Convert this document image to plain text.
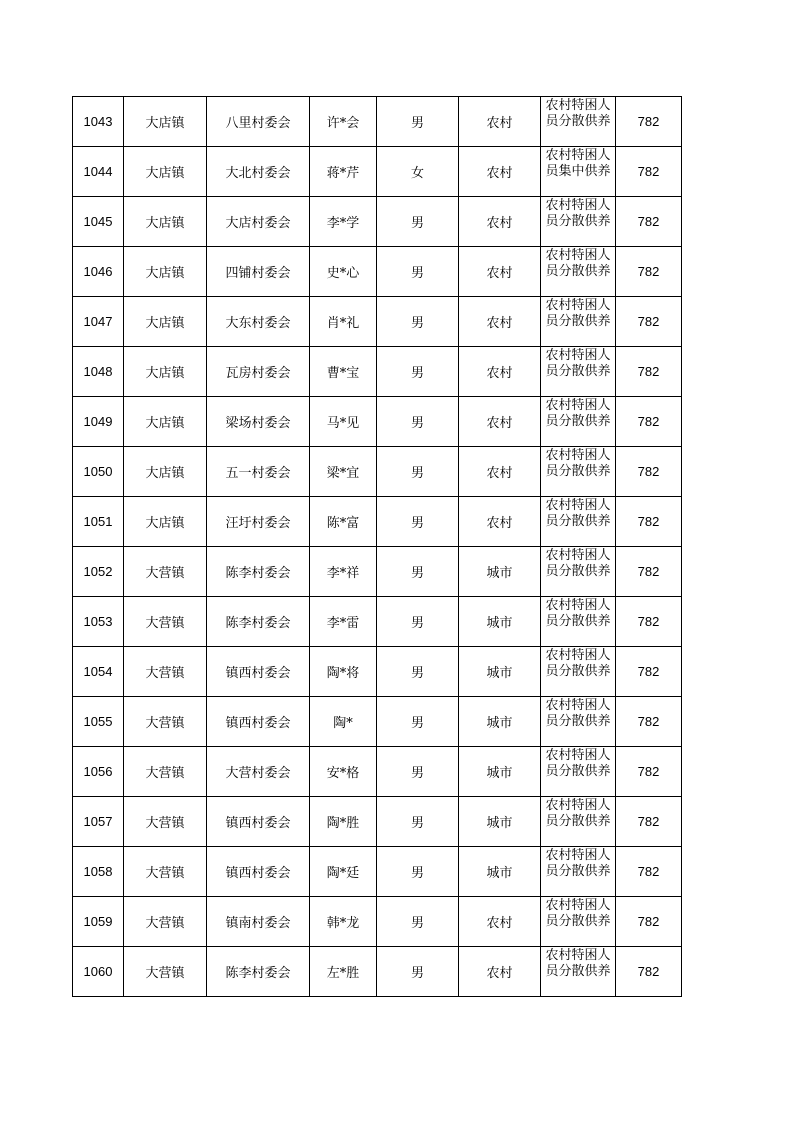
1043	大店镇	八里村委会	许*会	男	农村	农村特困人员分散供养	782
1044	大店镇	大北村委会	蒋*芹	女	农村	农村特困人员集中供养	782
1045	大店镇	大店村委会	李*学	男	农村	农村特困人员分散供养	782
1046	大店镇	四铺村委会	史*心	男	农村	农村特困人员分散供养	782
1047	大店镇	大东村委会	肖*礼	男	农村	农村特困人员分散供养	782
1048	大店镇	瓦房村委会	曹*宝	男	农村	农村特困人员分散供养	782
1049	大店镇	梁场村委会	马*见	男	农村	农村特困人员分散供养	782
1050	大店镇	五一村委会	梁*宜	男	农村	农村特困人员分散供养	782
1051	大店镇	汪圩村委会	陈*富	男	农村	农村特困人员分散供养	782
1052	大营镇	陈李村委会	李*祥	男	城市	农村特困人员分散供养	782
1053	大营镇	陈李村委会	李*雷	男	城市	农村特困人员分散供养	782
1054	大营镇	镇西村委会	陶*将	男	城市	农村特困人员分散供养	782
1055	大营镇	镇西村委会	陶*	男	城市	农村特困人员分散供养	782
1056	大营镇	大营村委会	安*格	男	城市	农村特困人员分散供养	782
1057	大营镇	镇西村委会	陶*胜	男	城市	农村特困人员分散供养	782
1058	大营镇	镇西村委会	陶*廷	男	城市	农村特困人员分散供养	782
1059	大营镇	镇南村委会	韩*龙	男	农村	农村特困人员分散供养	782
1060	大营镇	陈李村委会	左*胜	男	农村	农村特困人员分散供养	782
